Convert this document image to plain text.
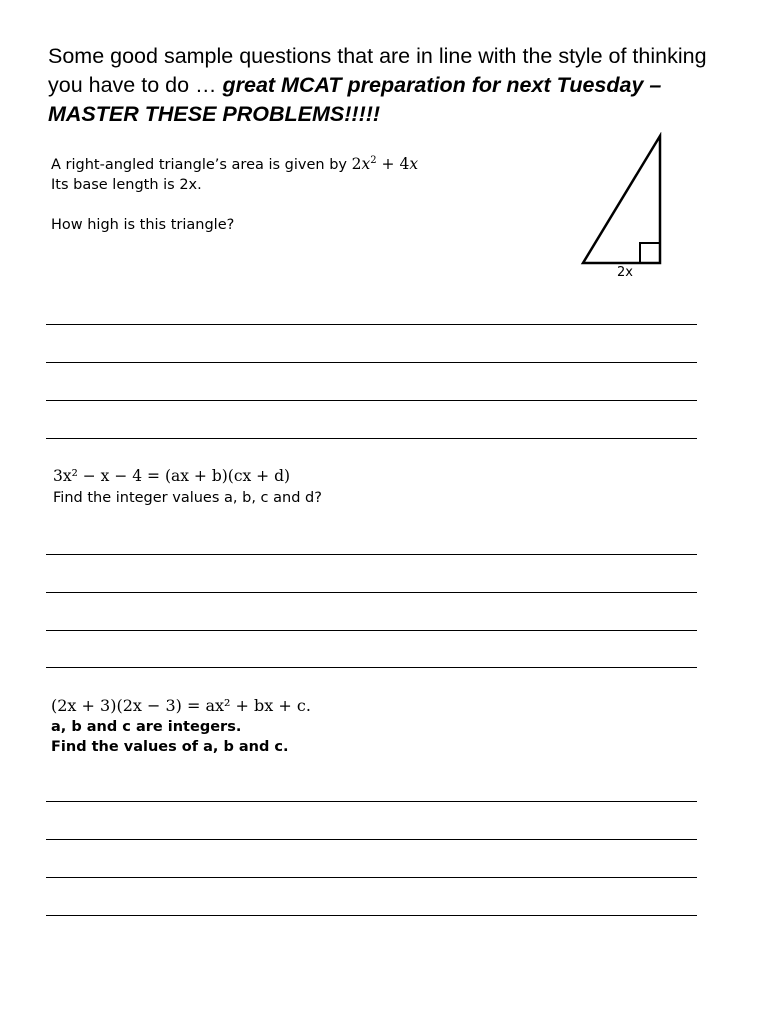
Some good sample questions that are in line with the style of thinking you have to do … great MCAT preparation for next Tuesday – MASTER THESE PROBLEMS!!!!!

A right-angled triangle’s area is given by $2x^2 + 4x$

Its base length is 2x.

How high is this triangle?

2x

3x² − x − 4 = (ax + b)(cx + d)

Find the integer values a, b, c and d?

(2x + 3)(2x − 3) = ax² + bx + c.

a, b and c are integers.

Find the values of a, b and c.
